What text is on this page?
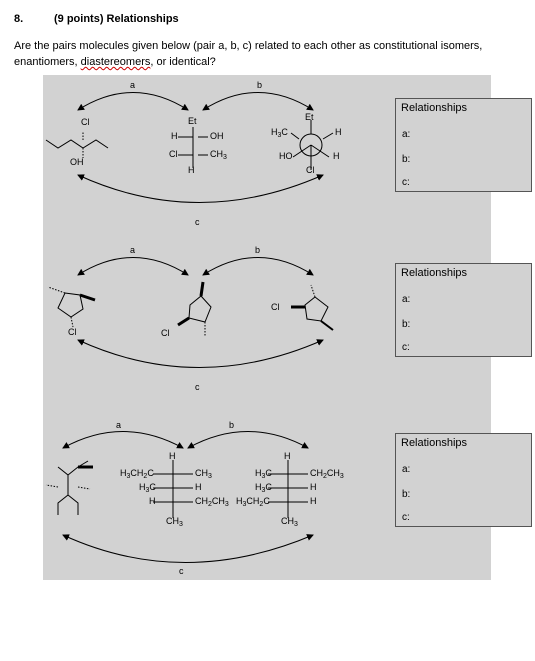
8.	(9 points) Relationships
Are the pairs molecules given below (pair a, b, c) related to each other as constitutional isomers, enantiomers, diastereomers, or identical?
a	b
c
Cl
OH
Et
H	OH
Cl	$CH_3$
H
Et
$H_3C$	H
HO	H
Cl
Relationships
a:
b:
c:
a	b
c
Cl	Cl
Cl
Relationships
a:
b:
c:
a	b
c
H
$H_3CH_2C$	$CH_3$
$H_3C$	H
H	$CH_2CH_3$
$CH_3$
H
$H_3C$	$CH_2CH_3$
$H_3C$	H
$H_3CH_2C$	H
$CH_3$
Relationships
a:
b:
c:
